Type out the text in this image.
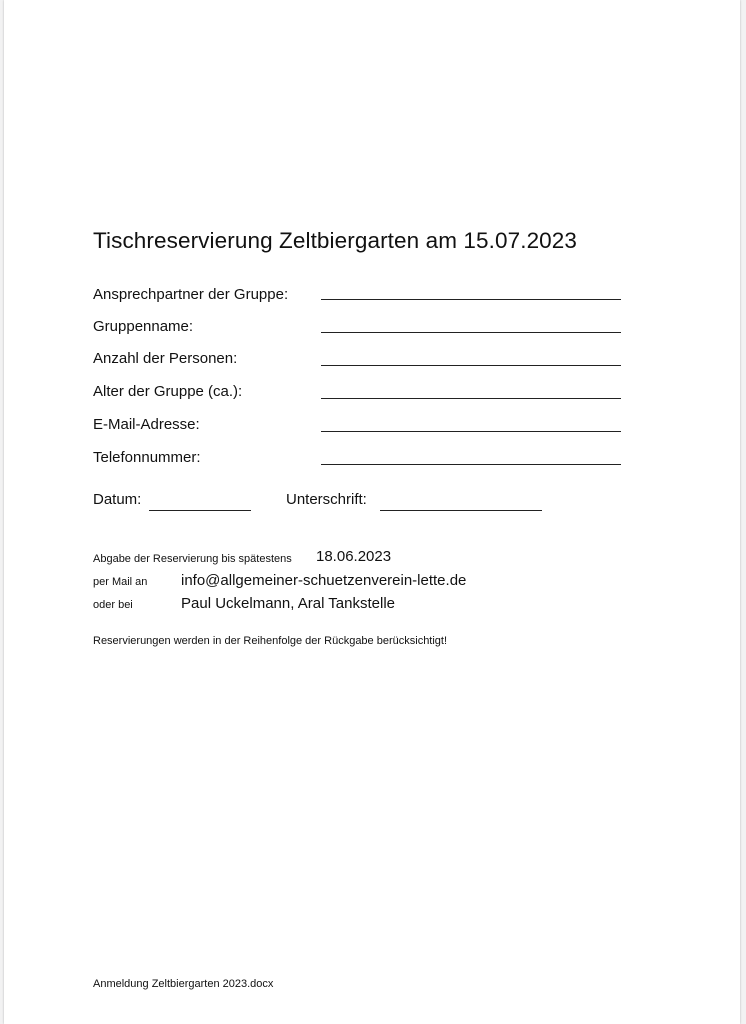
Tischreservierung Zeltbiergarten am 15.07.2023
Ansprechpartner der Gruppe:
Gruppenname:
Anzahl der Personen:
Alter der Gruppe (ca.):
E-Mail-Adresse:
Telefonnummer:
Datum:	Unterschrift:
Abgabe der Reservierung bis spätestens 18.06.2023
per Mail an info@allgemeiner-schuetzenverein-lette.de
oder bei	Paul Uckelmann, Aral Tankstelle
Reservierungen werden in der Reihenfolge der Rückgabe berücksichtigt!
Anmeldung Zeltbiergarten 2023.docx
